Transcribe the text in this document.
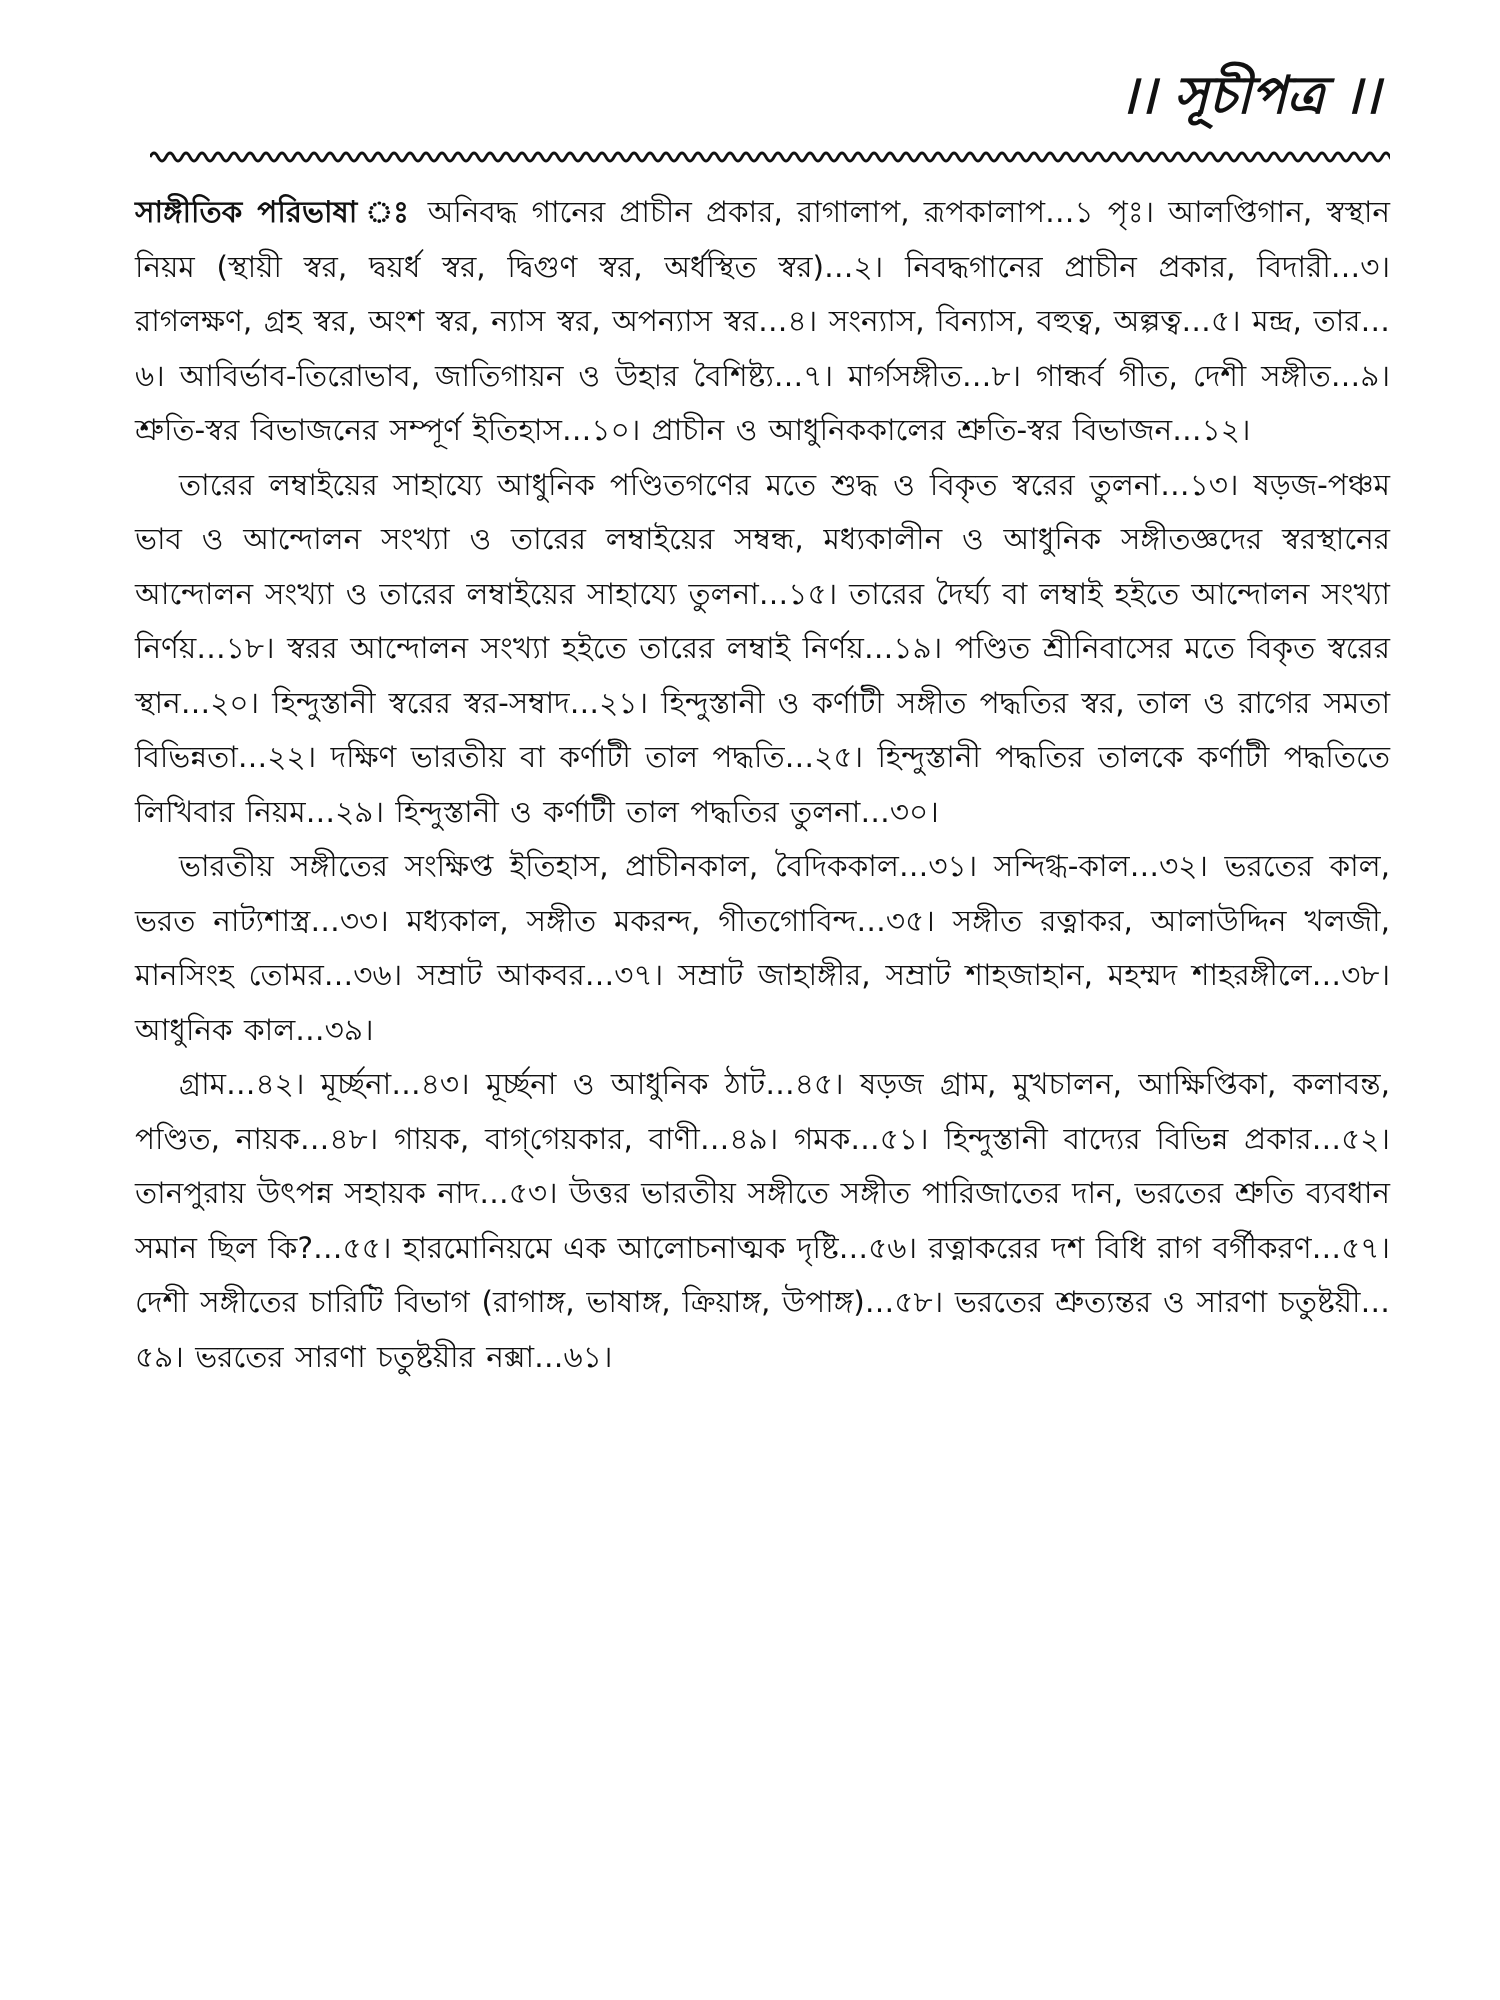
।। সূচীপত্র ।।

সাঙ্গীতিক পরিভাষা ঃ অনিবদ্ধ গানের প্রাচীন প্রকার, রাগালাপ, রূপকালাপ…১ পৃঃ। আলপ্তিগান, স্বস্থান নিয়ম (স্থায়ী স্বর, দ্বয়র্ধ স্বর, দ্বিগুণ স্বর, অর্ধস্থিত স্বর)…২। নিবদ্ধগানের প্রাচীন প্রকার, বিদারী…৩। রাগলক্ষণ, গ্রহ স্বর, অংশ স্বর, ন্যাস স্বর, অপন্যাস স্বর…৪। সংন্যাস, বিন্যাস, বহুত্ব, অল্পত্ব…৫। মন্দ্র, তার…৬। আবির্ভাব-তিরোভাব, জাতিগায়ন ও উহার বৈশিষ্ট্য…৭। মার্গসঙ্গীত…৮। গান্ধর্ব গীত, দেশী সঙ্গীত…৯। শ্রুতি-স্বর বিভাজনের সম্পূর্ণ ইতিহাস…১০। প্রাচীন ও আধুনিককালের শ্রুতি-স্বর বিভাজন…১২।

তারের লম্বাইয়ের সাহায্যে আধুনিক পণ্ডিতগণের মতে শুদ্ধ ও বিকৃত স্বরের তুলনা…১৩। ষড়জ-পঞ্চম ভাব ও আন্দোলন সংখ্যা ও তারের লম্বাইয়ের সম্বন্ধ, মধ্যকালীন ও আধুনিক সঙ্গীতজ্ঞদের স্বরস্থানের আন্দোলন সংখ্যা ও তারের লম্বাইয়ের সাহায্যে তুলনা…১৫। তারের দৈর্ঘ্য বা লম্বাই হইতে আন্দোলন সংখ্যা নির্ণয়…১৮। স্বরর আন্দোলন সংখ্যা হইতে তারের লম্বাই নির্ণয়…১৯। পণ্ডিত শ্রীনিবাসের মতে বিকৃত স্বরের স্থান…২০। হিন্দুস্তানী স্বরের স্বর-সম্বাদ…২১। হিন্দুস্তানী ও কর্ণাটী সঙ্গীত পদ্ধতির স্বর, তাল ও রাগের সমতা বিভিন্নতা…২২। দক্ষিণ ভারতীয় বা কর্ণাটী তাল পদ্ধতি…২৫। হিন্দুস্তানী পদ্ধতির তালকে কর্ণাটী পদ্ধতিতে লিখিবার নিয়ম…২৯। হিন্দুস্তানী ও কর্ণাটী তাল পদ্ধতির তুলনা…৩০।

ভারতীয় সঙ্গীতের সংক্ষিপ্ত ইতিহাস, প্রাচীনকাল, বৈদিককাল…৩১। সন্দিগ্ধ-কাল…৩২। ভরতের কাল, ভরত নাট্যশাস্ত্র…৩৩। মধ্যকাল, সঙ্গীত মকরন্দ, গীতগোবিন্দ…৩৫। সঙ্গীত রত্নাকর, আলাউদ্দিন খলজী, মানসিংহ তোমর…৩৬। সম্রাট আকবর…৩৭। সম্রাট জাহাঙ্গীর, সম্রাট শাহজাহান, মহম্মদ শাহরঙ্গীলে…৩৮। আধুনিক কাল…৩৯।

গ্রাম…৪২। মূর্চ্ছনা…৪৩। মূর্চ্ছনা ও আধুনিক ঠাট…৪৫। ষড়জ গ্রাম, মুখচালন, আক্ষিপ্তিকা, কলাবন্ত, পণ্ডিত, নায়ক…৪৮। গায়ক, বাগ্‌গেয়কার, বাণী…৪৯। গমক…৫১। হিন্দুস্তানী বাদ্যের বিভিন্ন প্রকার…৫২। তানপুরায় উৎপন্ন সহায়ক নাদ…৫৩। উত্তর ভারতীয় সঙ্গীতে সঙ্গীত পারিজাতের দান, ভরতের শ্রুতি ব্যবধান সমান ছিল কি?…৫৫। হারমোনিয়মে এক আলোচনাত্মক দৃষ্টি…৫৬। রত্নাকরের দশ বিধি রাগ বর্গীকরণ…৫৭। দেশী সঙ্গীতের চারিটি বিভাগ (রাগাঙ্গ, ভাষাঙ্গ, ক্রিয়াঙ্গ, উপাঙ্গ)…৫৮। ভরতের শ্রুত্যন্তর ও সারণা চতুষ্টয়ী…৫৯। ভরতের সারণা চতুষ্টয়ীর নক্সা…৬১।
